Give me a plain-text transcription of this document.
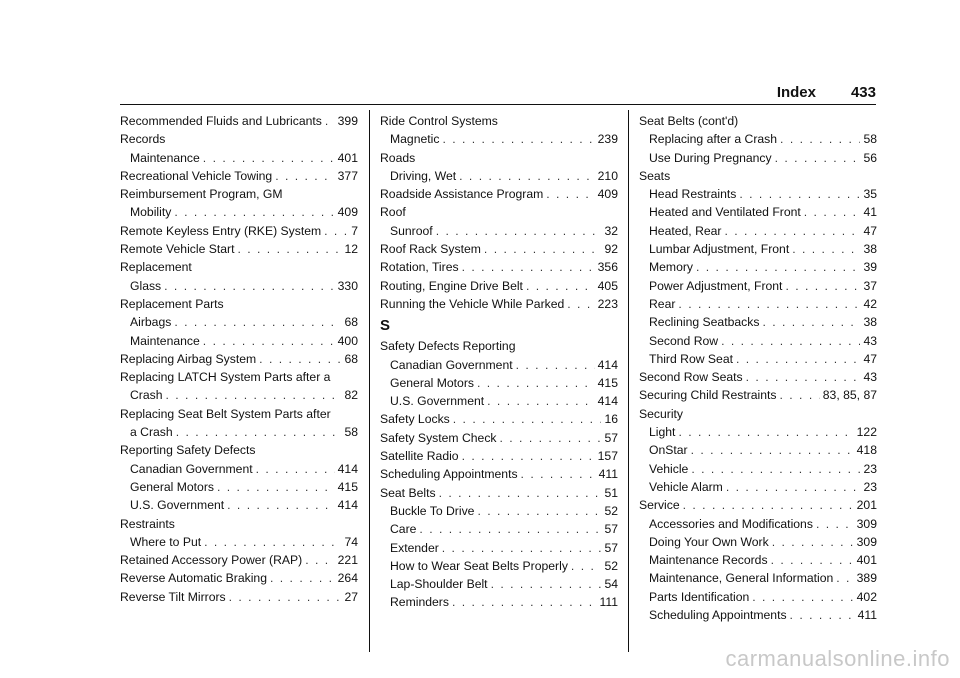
Index 433
Recommended Fluids and Lubricants . . . 399
Records
Maintenance . . .	401
Recreational Vehicle Towing . . .	377
Reimbursement Program, GM
Mobility . . .	409
Remote Keyless Entry (RKE) System . . . 7
Remote Vehicle Start . . .	12
Replacement
Glass . . .	330
Replacement Parts
Airbags . . .	68
Maintenance . . .	400
Replacing Airbag System . . .	68
Replacing LATCH System Parts after a
Crash . . .	82
Replacing Seat Belt System Parts after
a Crash . . .	58
Reporting Safety Defects
Canadian Government . . .	414
General Motors . . .	415
U.S. Government . . .	414
Restraints
Where to Put . . .	74
Retained Accessory Power (RAP) . . .	221
Reverse Automatic Braking . . .	264
Reverse Tilt Mirrors . . .	27
Ride Control Systems
Magnetic . . .	239
Roads
Driving, Wet . . .	210
Roadside Assistance Program . . .	409
Roof
Sunroof . . .	32
Roof Rack System . . .	92
Rotation, Tires . . .	356
Routing, Engine Drive Belt . . .	405
Running the Vehicle While Parked . . .	223
S
Safety Defects Reporting
Canadian Government . . .	414
General Motors . . .	415
U.S. Government . . .	414
Safety Locks . . .	16
Safety System Check . . .	57
Satellite Radio . . .	157
Scheduling Appointments . . .	411
Seat Belts . . .	51
Buckle To Drive . . .	52
Care . . .	57
Extender . . .	57
How to Wear Seat Belts Properly . . .	52
Lap-Shoulder Belt . . .	54
Reminders . . .	111
Seat Belts (cont'd)
Replacing after a Crash . . .	58
Use During Pregnancy . . .	56
Seats
Head Restraints . . .	35
Heated and Ventilated Front . . .	41
Heated, Rear . . .	47
Lumbar Adjustment, Front . . .	38
Memory . . .	39
Power Adjustment, Front . . .	37
Rear . . .	42
Reclining Seatbacks . . .	38
Second Row . . .	43
Third Row Seat . . .	47
Second Row Seats . . .	43
Securing Child Restraints . . .	83, 85, 87
Security
Light . . .	122
OnStar . . .	418
Vehicle . . .	23
Vehicle Alarm . . .	23
Service . . .	201
Accessories and Modifications . . .	309
Doing Your Own Work . . .	309
Maintenance Records . . .	401
Maintenance, General Information . . . 389
Parts Identification . . .	402
Scheduling Appointments . . .	411
carmanualsonline.info
